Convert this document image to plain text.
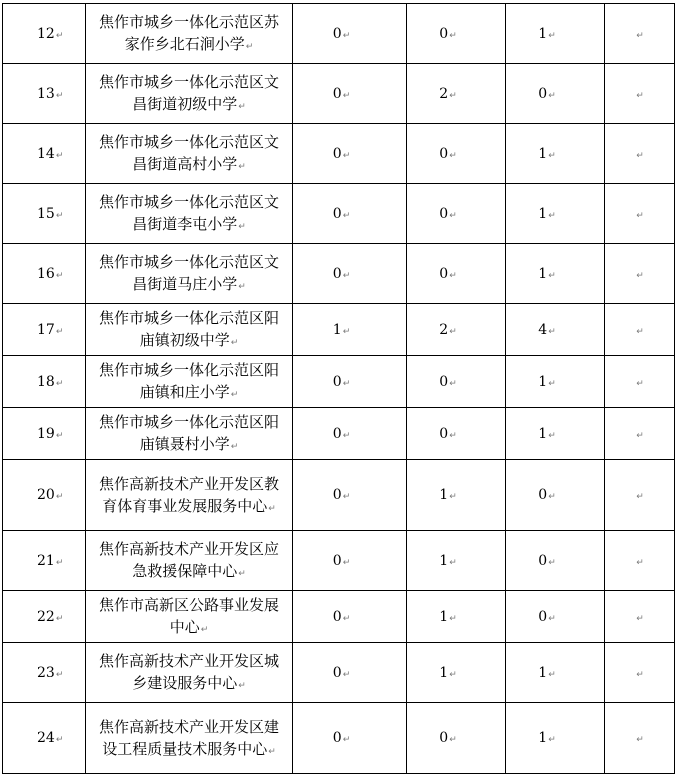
12↵	焦作市城乡一体化示范区苏家作乡北石涧小学↵	0↵	0↵	1↵	↵
13↵	焦作市城乡一体化示范区文昌街道初级中学↵	0↵	2↵	0↵	↵
14↵	焦作市城乡一体化示范区文昌街道高村小学↵	0↵	0↵	1↵	↵
15↵	焦作市城乡一体化示范区文昌街道李屯小学↵	0↵	0↵	1↵	↵
16↵	焦作市城乡一体化示范区文昌街道马庄小学↵	0↵	0↵	1↵	↵
17↵	焦作市城乡一体化示范区阳庙镇初级中学↵	1↵	2↵	4↵	↵
18↵	焦作市城乡一体化示范区阳庙镇和庄小学↵	0↵	0↵	1↵	↵
19↵	焦作市城乡一体化示范区阳庙镇聂村小学↵	0↵	0↵	1↵	↵
20↵	焦作高新技术产业开发区教育体育事业发展服务中心↵	0↵	1↵	0↵	↵
21↵	焦作高新技术产业开发区应急救援保障中心↵	0↵	1↵	0↵	↵
22↵	焦作市高新区公路事业发展中心↵	0↵	1↵	0↵	↵
23↵	焦作高新技术产业开发区城乡建设服务中心↵	0↵	1↵	1↵	↵
24↵	焦作高新技术产业开发区建设工程质量技术服务中心↵	0↵	0↵	1↵	↵
